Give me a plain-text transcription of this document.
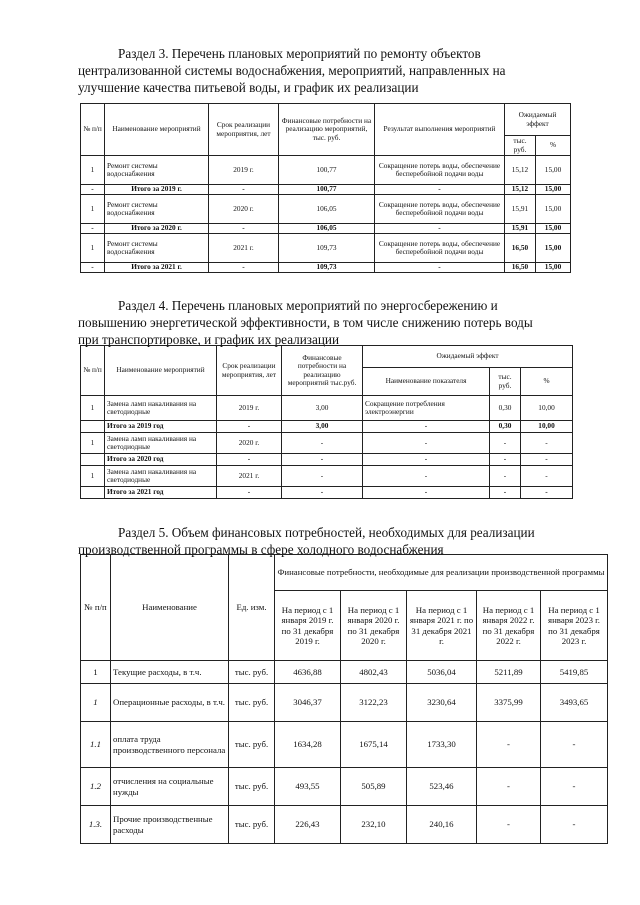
Раздел 3. Перечень плановых мероприятий по ремонту объектов
централизованной системы водоснабжения, мероприятий, направленных на
улучшение качества питьевой воды, и график их реализации
№ п/п	Наименование мероприятий	Срок реализации мероприятия, лет	Финансовые потребности на реализацию мероприятий, тыс. руб.	Результат выполнения мероприятий	Ожидаемый эффект	
					тыс. руб.	%
1	Ремонт системы водоснабжения	2019 г.	100,77	Сокращение потерь воды, обеспечение бесперебойной подачи воды	15,12	15,00
-	Итого за 2019 г.	-	100,77	-	15,12	15,00
1	Ремонт системы водоснабжения	2020 г.	106,05	Сокращение потерь воды, обеспечение бесперебойной подачи воды	15,91	15,00
-	Итого за 2020 г.	-	106,05	-	15,91	15,00
1	Ремонт системы водоснабжения	2021 г.	109,73	Сокращение потерь воды, обеспечение бесперебойной подачи воды	16,50	15,00
-	Итого за 2021 г.	-	109,73	-	16,50	15,00
Раздел 4. Перечень плановых мероприятий по энергосбережению и
повышению энергетической эффективности, в том числе снижению потерь воды
при транспортировке, и график их реализации
№ п/п	Наименование мероприятий	Срок реализации мероприятия, лет	Финансовые потребности на реализацию мероприятий тыс.руб.	Ожидаемый эффект		
				Наименование показателя	тыс. руб.	%
1	Замена ламп накаливания на светодиодные	2019 г.	3,00	Сокращение потребления электроэнергии	0,30	10,00
	Итого за 2019 год	-	3,00	-	0,30	10,00
1	Замена ламп накаливания на светодиодные	2020 г.	-	-	-	-
	Итого за 2020 год	-	-	-	-	-
1	Замена ламп накаливания на светодиодные	2021 г.	-	-	-	-
	Итого за 2021 год	-	-	-	-	-
Раздел 5. Объем финансовых потребностей, необходимых для реализации
производственной программы в сфере холодного водоснабжения
№ п/п	Наименование	Ед. изм.	Финансовые потребности, необходимые для реализации производственной программы				
			На период с 1 января 2019 г. по 31 декабря 2019 г.	На период с 1 января 2020 г. по 31 декабря 2020 г.	На период с 1 января 2021 г. по 31 декабря 2021 г.	На период с 1 января 2022 г. по 31 декабря 2022 г.	На период с 1 января 2023 г. по 31 декабря 2023 г.
1	Текущие расходы, в т.ч.	тыс. руб.	4636,88	4802,43	5036,04	5211,89	5419,85
1	Операционные расходы, в т.ч.	тыс. руб.	3046,37	3122,23	3230,64	3375,99	3493,65
1.1	оплата труда производственного персонала	тыс. руб.	1634,28	1675,14	1733,30	-	-
1.2	отчисления на социальные нужды	тыс. руб.	493,55	505,89	523,46	-	-
1.3.	Прочие производственные расходы	тыс. руб.	226,43	232,10	240,16	-	-
